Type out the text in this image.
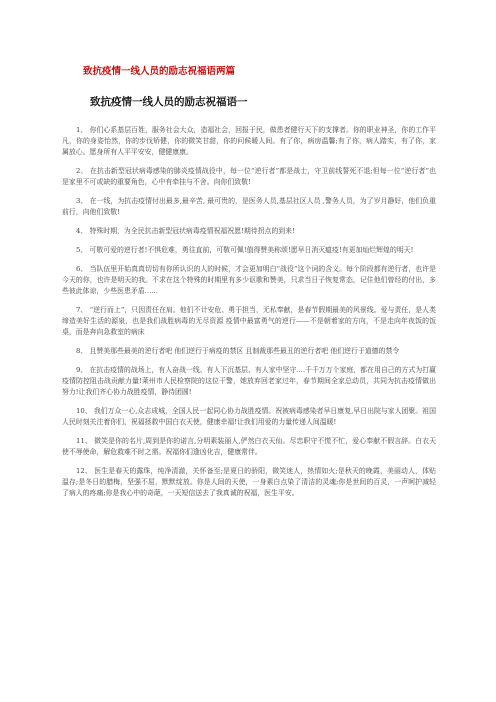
致抗疫情一线人员的励志祝福语两篇
致抗疫情一线人员的励志祝福语一

1、 你们心系基层百姓，服务社会大众，造福社会，回报于民，做患者健行天下的支撑者。你的职业神圣，你的工作平凡，你的身姿怡然，你的步伐矫健，你的微笑甘甜，你的问候暖人间。有了你，病房温馨;有了你，病人踏实，有了你，家属放心。愿身所有人平平安安，健健康康。

2、 在抗击新型冠状病毒感染的肺炎疫情战役中，每一位“逆行者”都是战士，守卫前线誓死不退;但每一位“逆行者”也是家里不可或缺的重要角色，心中有牵挂与不舍。向你们致敬!

3、 在一线，为抗击疫情付出最多,最辛苦, 最可贵的，是医务人员,基层社区人员 ,警务人员，为了岁月静好，他们负重前行，向他们致敬!

4、 特殊时期，为全民抗击新型冠状病毒疫情祝福祝愿!期待拐点的到来!

5、 可敬可爱的逆行者!不惧危难，勇往直前，可敬可佩!值得赞美称颂!愿早日消灭瘟疫!有更加灿烂辉煌的明天!

6、 当队伍里开始真真切切有你所认识的人的时候，才会更加明白“战役”这个词的含义。每个阶段都有逆行者，也许是今天的你，也许是明天的我。不求在这个特殊的时期里有多少讴歌和赞美，只求当日子恢复常态，记住他们曾经的付出，多些彼此体谅，少些医患矛盾......

7、 “逆行而上”，只因责任在肩。他们不计安危、勇于担当，无私奉献，是春节假期最美的风景线。爱与责任，是人类缔造美好生活的源泉，也是我们战胜病毒的无尽资源 疫情中最富勇气的逆行——不是朝着家的方向，不是走向年夜饭的饭桌，而是奔向急救室的病床

8、 且赞美那些最美的逆行者吧 他们逆行于病疫的禁区 且制裁那些最丑的逆行者吧 他们逆行于道德的禁令

9、 在抗击疫情的战场上，有人奋战一线、有人下沉基层、有人家中坚守....千千万万个家庭，都在用自己的方式为打赢疫情防控阻击战贡献力量!莱州市人民检察院的这位干警，她放弃回老家过年，春节期间全家总动员，共同为抗击疫情做出努力!让我们齐心协力战胜疫情，静待团圆!

10、 我们万众一心,众志成城，全国人民一起同心协力战胜疫情。祝被病毒感染者早日康复,早日出院与家人团聚。祖国人民时刻关注着你们，祝福拯救中国白衣天使，健康幸福!让我们用爱的力量传递人间温暖!

11、 微笑是你的名片,周到是你的诺言,分明素装丽人,俨然白衣天仙。尽忠职守不慌不忙，爱心奉献不假言辞。白衣天使不辱使命，解危救难不时之需。祝福你们逢凶化吉，健康常伴。

12、 医生是春天的露珠，纯净清澈，关怀备至;是夏日的骄阳，微笑迷人，热情如火;是秋天的晚霞，美丽动人，体贴温存;是冬日的腊梅，坚强不屈，默默绽放。你是人间的天使，一身素白点染了清洁的灵魂;你是世间的百灵，一声呵护减轻了病人的疼痛;你是我心中的奇葩，一天短信送去了我真诚的祝福，医生平安。
